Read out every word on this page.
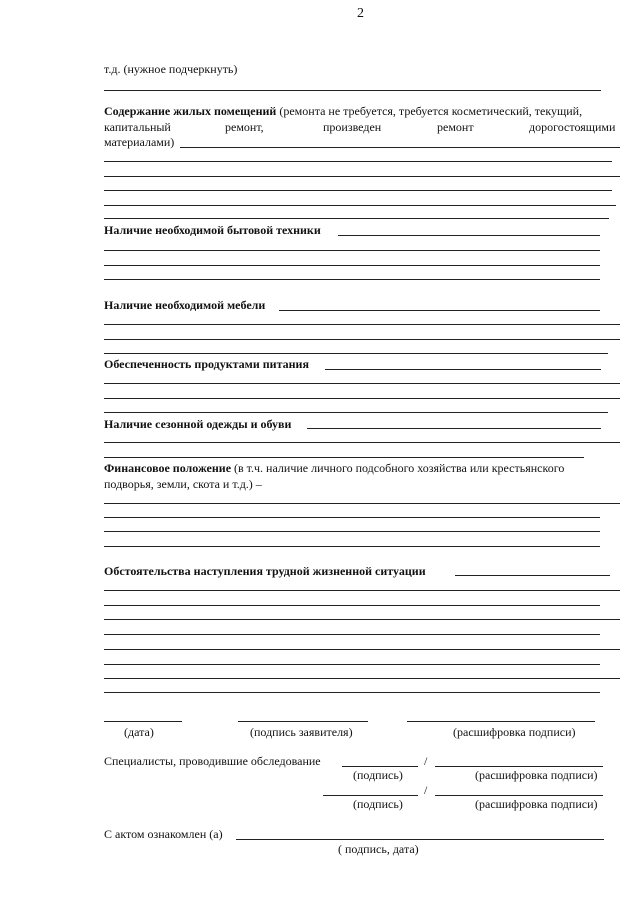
2
т.д. (нужное подчеркнуть)
Содержание жилых помещений (ремонта не требуется, требуется косметический, текущий,
капитальный	ремонт,	произведен	ремонт	дорогостоящими
материалами)
Наличие необходимой бытовой техники
Наличие необходимой мебели
Обеспеченность продуктами питания
Наличие сезонной одежды и обуви
Финансовое положение (в т.ч. наличие личного подсобного хозяйства или крестьянского
подворья, земли, скота и т.д.) –
Обстоятельства наступления трудной жизненной ситуации
(дата)	(подпись заявителя)	(расшифровка подписи)
Специалисты, проводившие обследование	/
(подпись)	(расшифровка подписи)
/
(подпись)	(расшифровка подписи)
С актом ознакомлен (а)
( подпись, дата)
